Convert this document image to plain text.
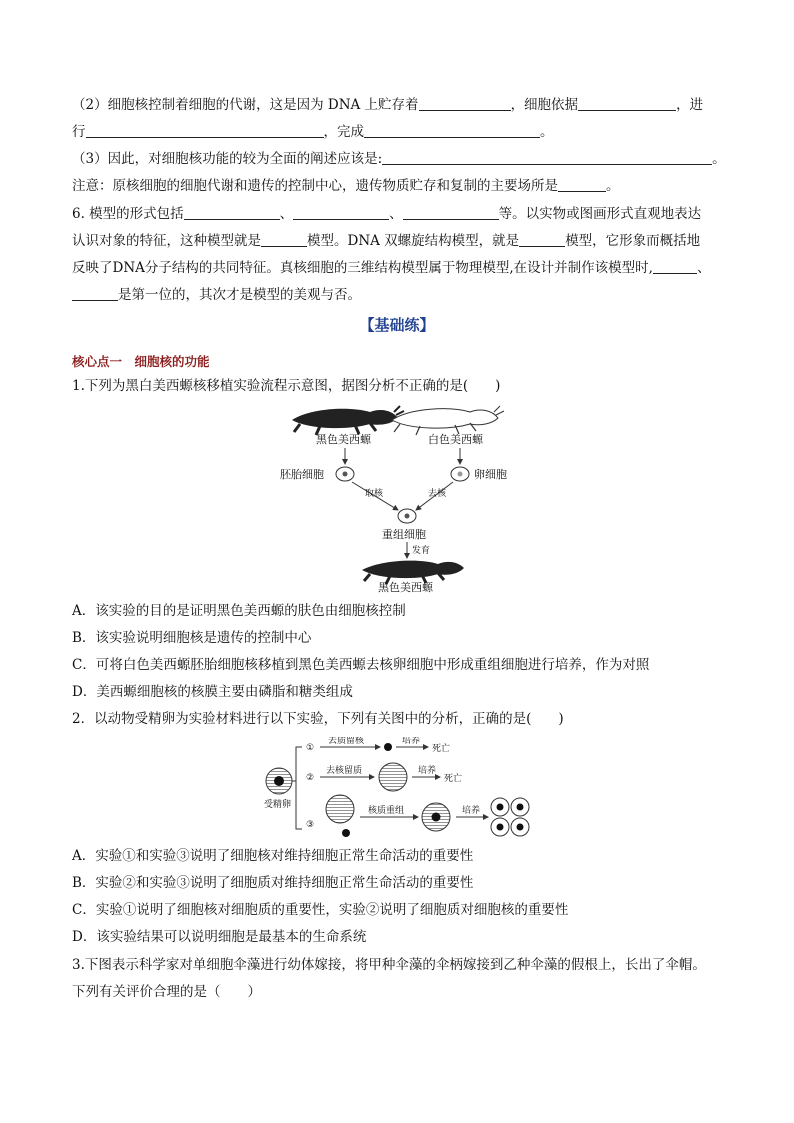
（2）细胞核控制着细胞的代谢，这是因为 DNA 上贮存着	，细胞依据	，进
行	，完成	。
（3）因此，对细胞核功能的较为全面的阐述应该是:	。
注意：原核细胞的细胞代谢和遗传的控制中心，遗传物质贮存和复制的主要场所是	。
6. 模型的形式包括	、	、	等。以实物或图画形式直观地表达
认识对象的特征，这种模型就是	模型。DNA 双螺旋结构模型，就是	模型，它形象而概括地
反映了DNA分子结构的共同特征。真核细胞的三维结构模型属于物理模型,在设计并制作该模型时,	、
是第一位的，其次才是模型的美观与否。
【基础练】
核心点一　细胞核的功能
1.下列为黑白美西螈核移植实验流程示意图，据图分析不正确的是(　　)
黑色美西螈	白色美西螈
胚胎细胞	卵细胞
取核	去核
重组细胞
发育
黑色美西螈
A．该实验的目的是证明黑色美西螈的肤色由细胞核控制
B．该实验说明细胞核是遗传的控制中心
C．可将白色美西螈胚胎细胞核移植到黑色美西螈去核卵细胞中形成重组细胞进行培养，作为对照
D．美西螈细胞核的核膜主要由磷脂和糖类组成
2．以动物受精卵为实验材料进行以下实验，下列有关图中的分析，正确的是(　　)
受精卵
①
去质留核	培养
死亡
②
去核留质	培养
死亡
③
核质重组	培养
A．实验①和实验③说明了细胞核对维持细胞正常生命活动的重要性
B．实验②和实验③说明了细胞质对维持细胞正常生命活动的重要性
C．实验①说明了细胞核对细胞质的重要性，实验②说明了细胞质对细胞核的重要性
D．该实验结果可以说明细胞是最基本的生命系统
3.下图表示科学家对单细胞伞藻进行幼体嫁接，将甲种伞藻的伞柄嫁接到乙种伞藻的假根上，长出了伞帽。
下列有关评价合理的是（　　）
